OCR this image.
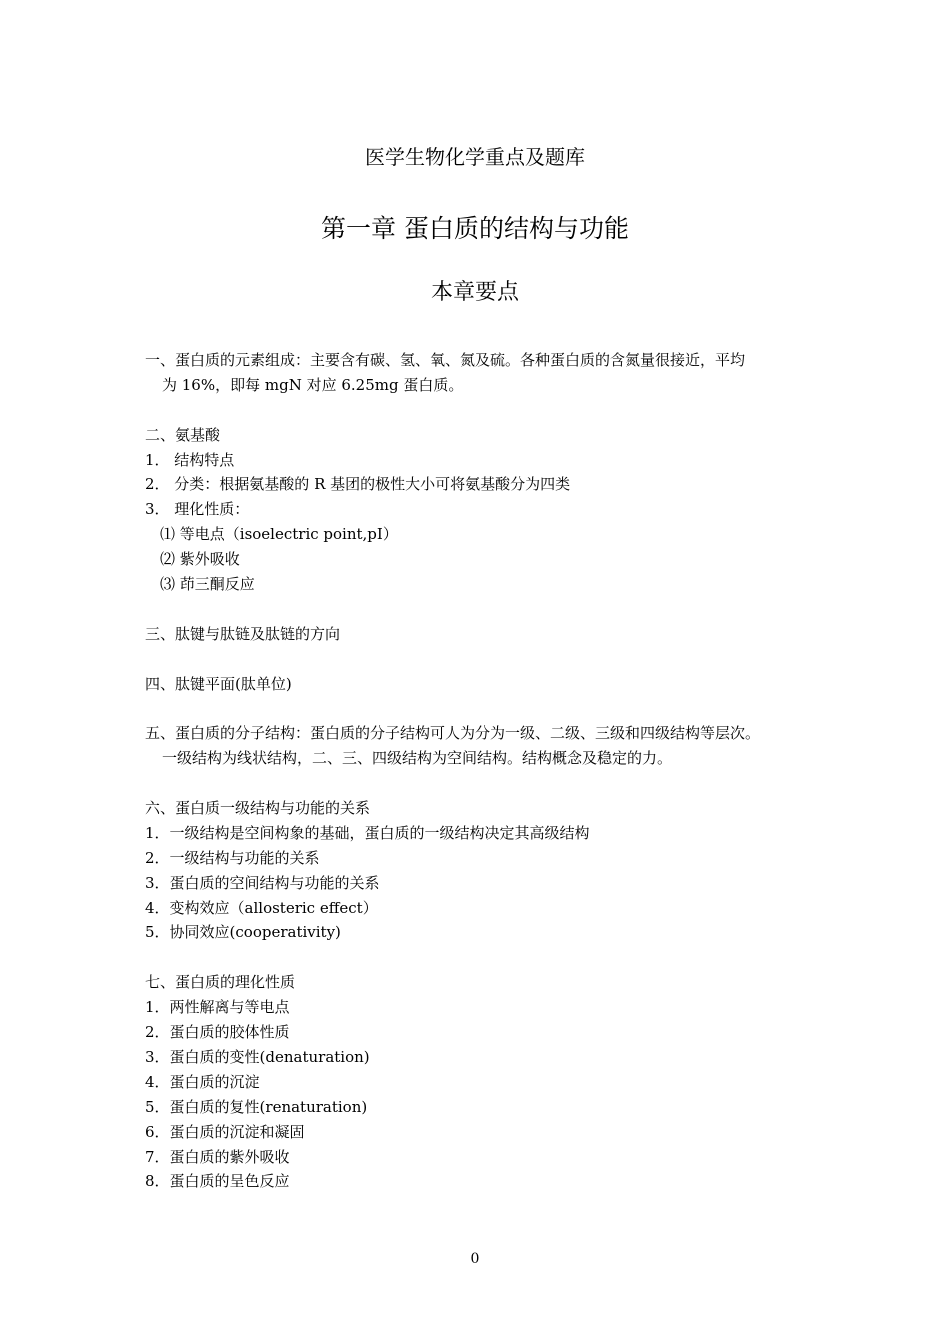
医学生物化学重点及题库
第一章 蛋白质的结构与功能
本章要点
一、蛋白质的元素组成：主要含有碳、氢、氧、氮及硫。各种蛋白质的含氮量很接近，平均
为 16%，即每 mgN 对应 6.25mg 蛋白质。
二、氨基酸
1． 结构特点
2． 分类：根据氨基酸的 R 基团的极性大小可将氨基酸分为四类
3． 理化性质：
⑴ 等电点（isoelectric point,pI）
⑵ 紫外吸收
⑶ 茚三酮反应
三、肽键与肽链及肽链的方向
四、肽键平面(肽单位)
五、蛋白质的分子结构：蛋白质的分子结构可人为分为一级、二级、三级和四级结构等层次。
一级结构为线状结构，二、三、四级结构为空间结构。结构概念及稳定的力。
六、蛋白质一级结构与功能的关系
1．一级结构是空间构象的基础，蛋白质的一级结构决定其高级结构
2．一级结构与功能的关系
3．蛋白质的空间结构与功能的关系
4．变构效应（allosteric effect）
5．协同效应(cooperativity)
七、蛋白质的理化性质
1．两性解离与等电点
2．蛋白质的胶体性质
3．蛋白质的变性(denaturation)
4．蛋白质的沉淀
5．蛋白质的复性(renaturation)
6．蛋白质的沉淀和凝固
7．蛋白质的紫外吸收
8．蛋白质的呈色反应
0
